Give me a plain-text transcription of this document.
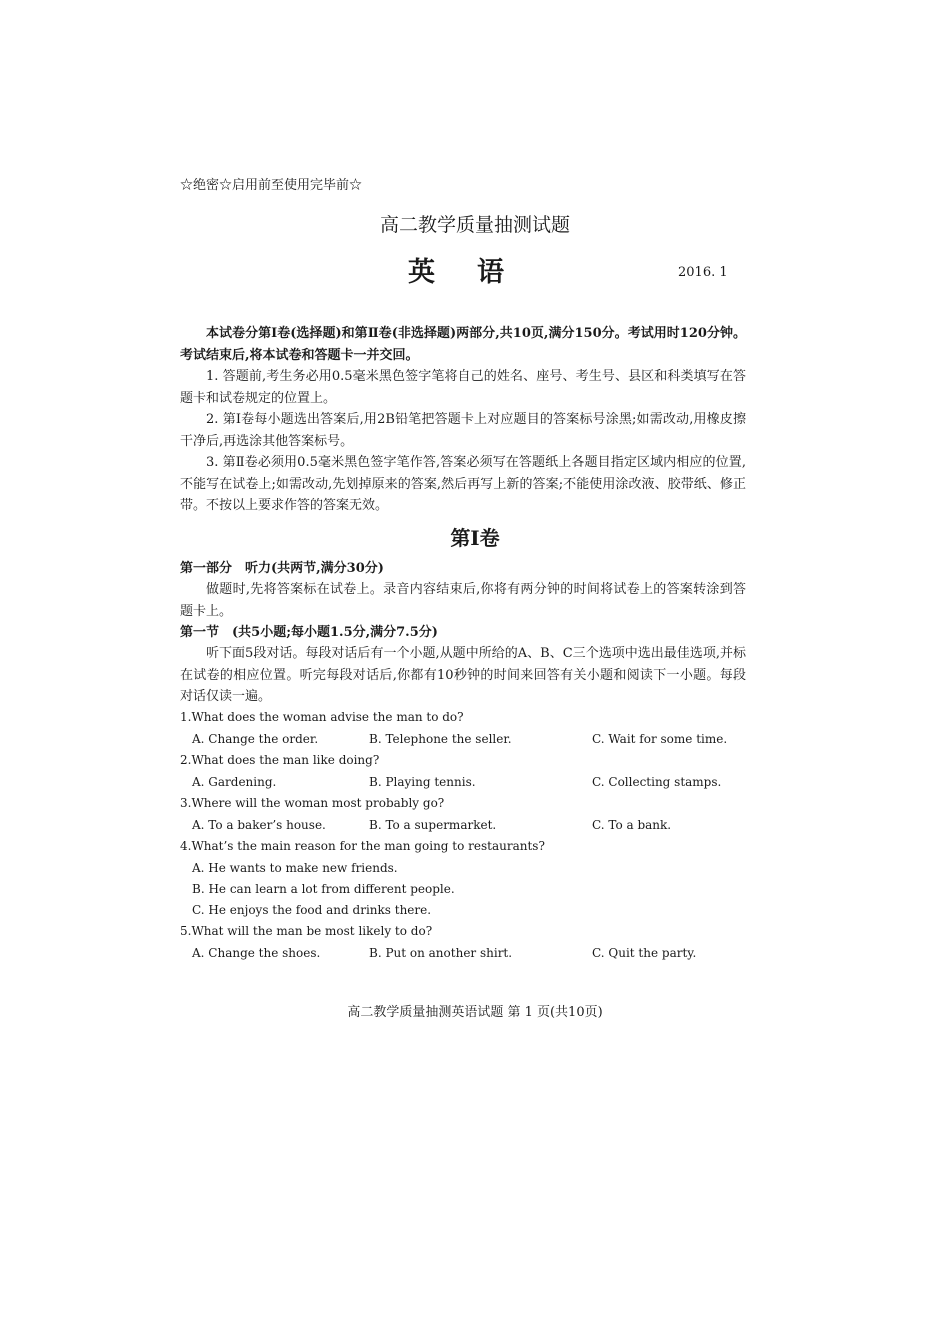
☆绝密☆启用前至使用完毕前☆
高二教学质量抽测试题
英语	2016. 1
本试卷分第Ⅰ卷(选择题)和第Ⅱ卷(非选择题)两部分,共10页,满分150分。考试用时120分钟。考试结束后,将本试卷和答题卡一并交回。
1. 答题前,考生务必用0.5毫米黑色签字笔将自己的姓名、座号、考生号、县区和科类填写在答题卡和试卷规定的位置上。
2. 第Ⅰ卷每小题选出答案后,用2B铅笔把答题卡上对应题目的答案标号涂黑;如需改动,用橡皮擦干净后,再选涂其他答案标号。
3. 第Ⅱ卷必须用0.5毫米黑色签字笔作答,答案必须写在答题纸上各题目指定区域内相应的位置,不能写在试卷上;如需改动,先划掉原来的答案,然后再写上新的答案;不能使用涂改液、胶带纸、修正带。不按以上要求作答的答案无效。
第Ⅰ卷
第一部分　听力(共两节,满分30分)
做题时,先将答案标在试卷上。录音内容结束后,你将有两分钟的时间将试卷上的答案转涂到答题卡上。
第一节　(共5小题;每小题1.5分,满分7.5分)
听下面5段对话。每段对话后有一个小题,从题中所给的A、B、C三个选项中选出最佳选项,并标在试卷的相应位置。听完每段对话后,你都有10秒钟的时间来回答有关小题和阅读下一小题。每段对话仅读一遍。
1.What does the woman advise the man to do?
A. Change the order.	B. Telephone the seller.	C. Wait for some time.
2.What does the man like doing?
A. Gardening.	B. Playing tennis.	C. Collecting stamps.
3.Where will the woman most probably go?
A. To a baker’s house.	B. To a supermarket.	C. To a bank.
4.What’s the main reason for the man going to restaurants?
A. He wants to make new friends.
B. He can learn a lot from different people.
C. He enjoys the food and drinks there.
5.What will the man be most likely to do?
A. Change the shoes.	B. Put on another shirt.	C. Quit the party.
高二教学质量抽测英语试题 第 1 页(共10页)
